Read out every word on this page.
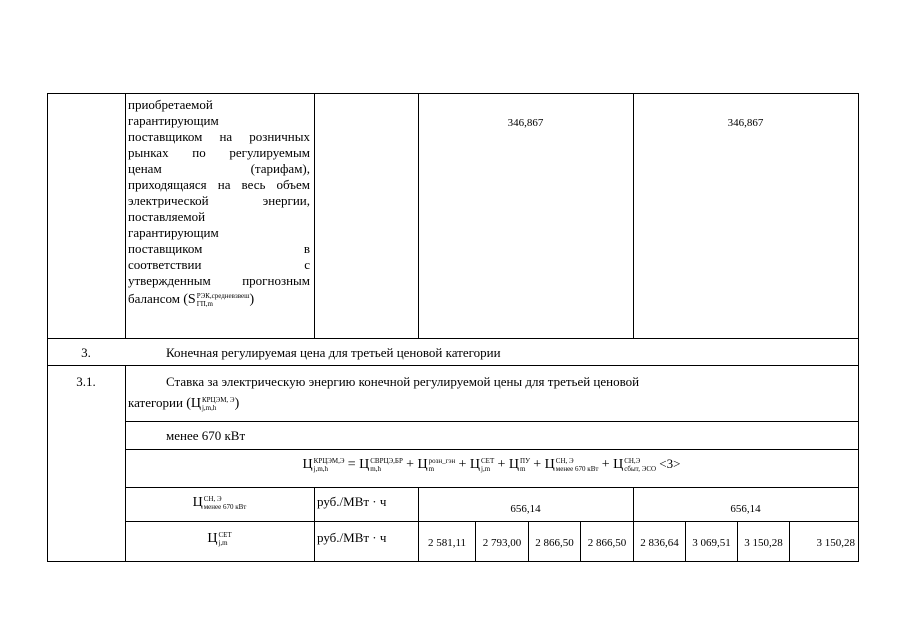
приобретаемой
гарантирующим
поставщиком на розничных
рынках по регулируемым
ценам (тарифам),
приходящаяся на весь объем
электрической энергии,
поставляемой
гарантирующим
поставщиком в
соответствии с
утвержденным прогнозным
балансом (S РЭК,средневзвеш
ГП,m	)
346,867	346,867
3.	Конечная регулируемая цена для третьей ценовой категории
3.1.	Ставка за электрическую энергию конечной регулируемой цены для третьей ценовой
категории (Ц КРЦЭМ, Э
j,m,h	)
менее 670 кВт
Ц КРЦЭМ,Э
j,m,h	= Ц СВРЦЭ,БР
m,h	+ Ц розн_гэн
m	+ Ц СЕТ
j,m + Ц ПУ
m + Ц СН, Э
менее 670 кВт + Ц СН,Э
сбыт, ЭСО <3>
Ц СН, Э
менее 670 кВт	руб./МВт · ч	656,14	656,14
Ц СЕТ
j,m	руб./МВт · ч	2 581,11	2 793,00	2 866,50	2 866,50	2 836,64	3 069,51	3 150,28	3 150,28
